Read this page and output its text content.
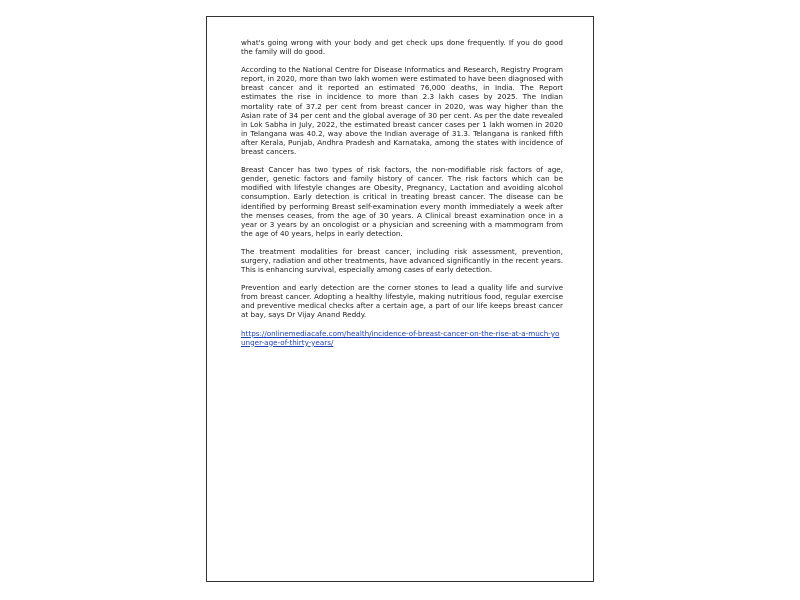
what's going wrong with your body and get check ups done frequently. If you do good the family will do good.

According to the National Centre for Disease Informatics and Research, Registry Program report, in 2020, more than two lakh women were estimated to have been diagnosed with breast cancer and it reported an estimated 76,000 deaths, in India. The Report estimates the rise in incidence to more than 2.3 lakh cases by 2025. The Indian mortality rate of 37.2 per cent from breast cancer in 2020, was way higher than the Asian rate of 34 per cent and the global average of 30 per cent. As per the date revealed in Lok Sabha in July, 2022, the estimated breast cancer cases per 1 lakh women in 2020 in Telangana was 40.2, way above the Indian average of 31.3. Telangana is ranked fifth after Kerala, Punjab, Andhra Pradesh and Karnataka, among the states with incidence of breast cancers.

Breast Cancer has two types of risk factors, the non-modifiable risk factors of age, gender, genetic factors and family history of cancer. The risk factors which can be modified with lifestyle changes are Obesity, Pregnancy, Lactation and avoiding alcohol consumption. Early detection is critical in treating breast cancer. The disease can be identified by performing Breast self-examination every month immediately a week after the menses ceases, from the age of 30 years. A Clinical breast examination once in a year or 3 years by an oncologist or a physician and screening with a mammogram from the age of 40 years, helps in early detection.

The treatment modalities for breast cancer, including risk assessment, prevention, surgery, radiation and other treatments, have advanced significantly in the recent years. This is enhancing survival, especially among cases of early detection.

Prevention and early detection are the corner stones to lead a quality life and survive from breast cancer. Adopting a healthy lifestyle, making nutritious food, regular exercise and preventive medical checks after a certain age, a part of our life keeps breast cancer at bay, says Dr Vijay Anand Reddy.

https://onlinemediacafe.com/health/incidence-of-breast-cancer-on-the-rise-at-a-much-younger-age-of-thirty-years/
